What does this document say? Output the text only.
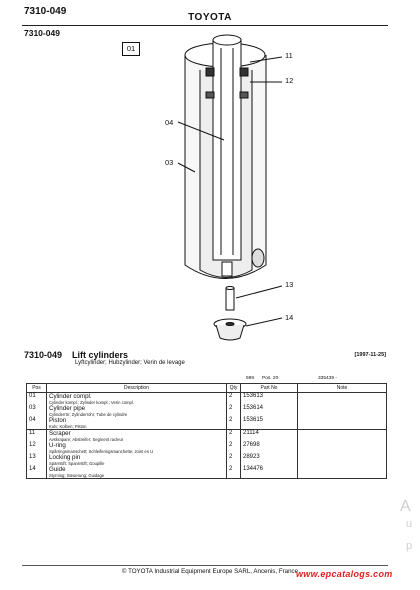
7310-049
TOYOTA
7310-049
01
11
12
04
03
13
14
7310-049 Lift cylinders
Lyftcylinder; Hubzylinder; Verin de levage
[1997-11-25]
599 Pos. 20	335439 -
Pos	Description	Qty	Part No	Note
01	Cylinder compl.
Cylinder kompl.; Zylinder kompl.; Verin compl.	2	153613	
03	Cylinder pipe
Cylinderrör; Zylinderrohr; Tube de cylindre	2	153614	
04	Piston
Kolv; Kolben; Piston	2	153615	
11	Scraper
Avskrapare; Abstreifer; Segment racleur	2	21114	
12	U-ring
Spårringsmanschett; Schleiferingsmanchette; Joint en U	2	27698	
13	Locking pin
Spärrstift; Spannstift; Goupille	2	28923	
14	Guide
Styrning; Steuerung; Guidage	2	134476	
© TOYOTA Industrial Equipment Europe SARL, Ancenis, France
www.epcatalogs.com
A
u
p
